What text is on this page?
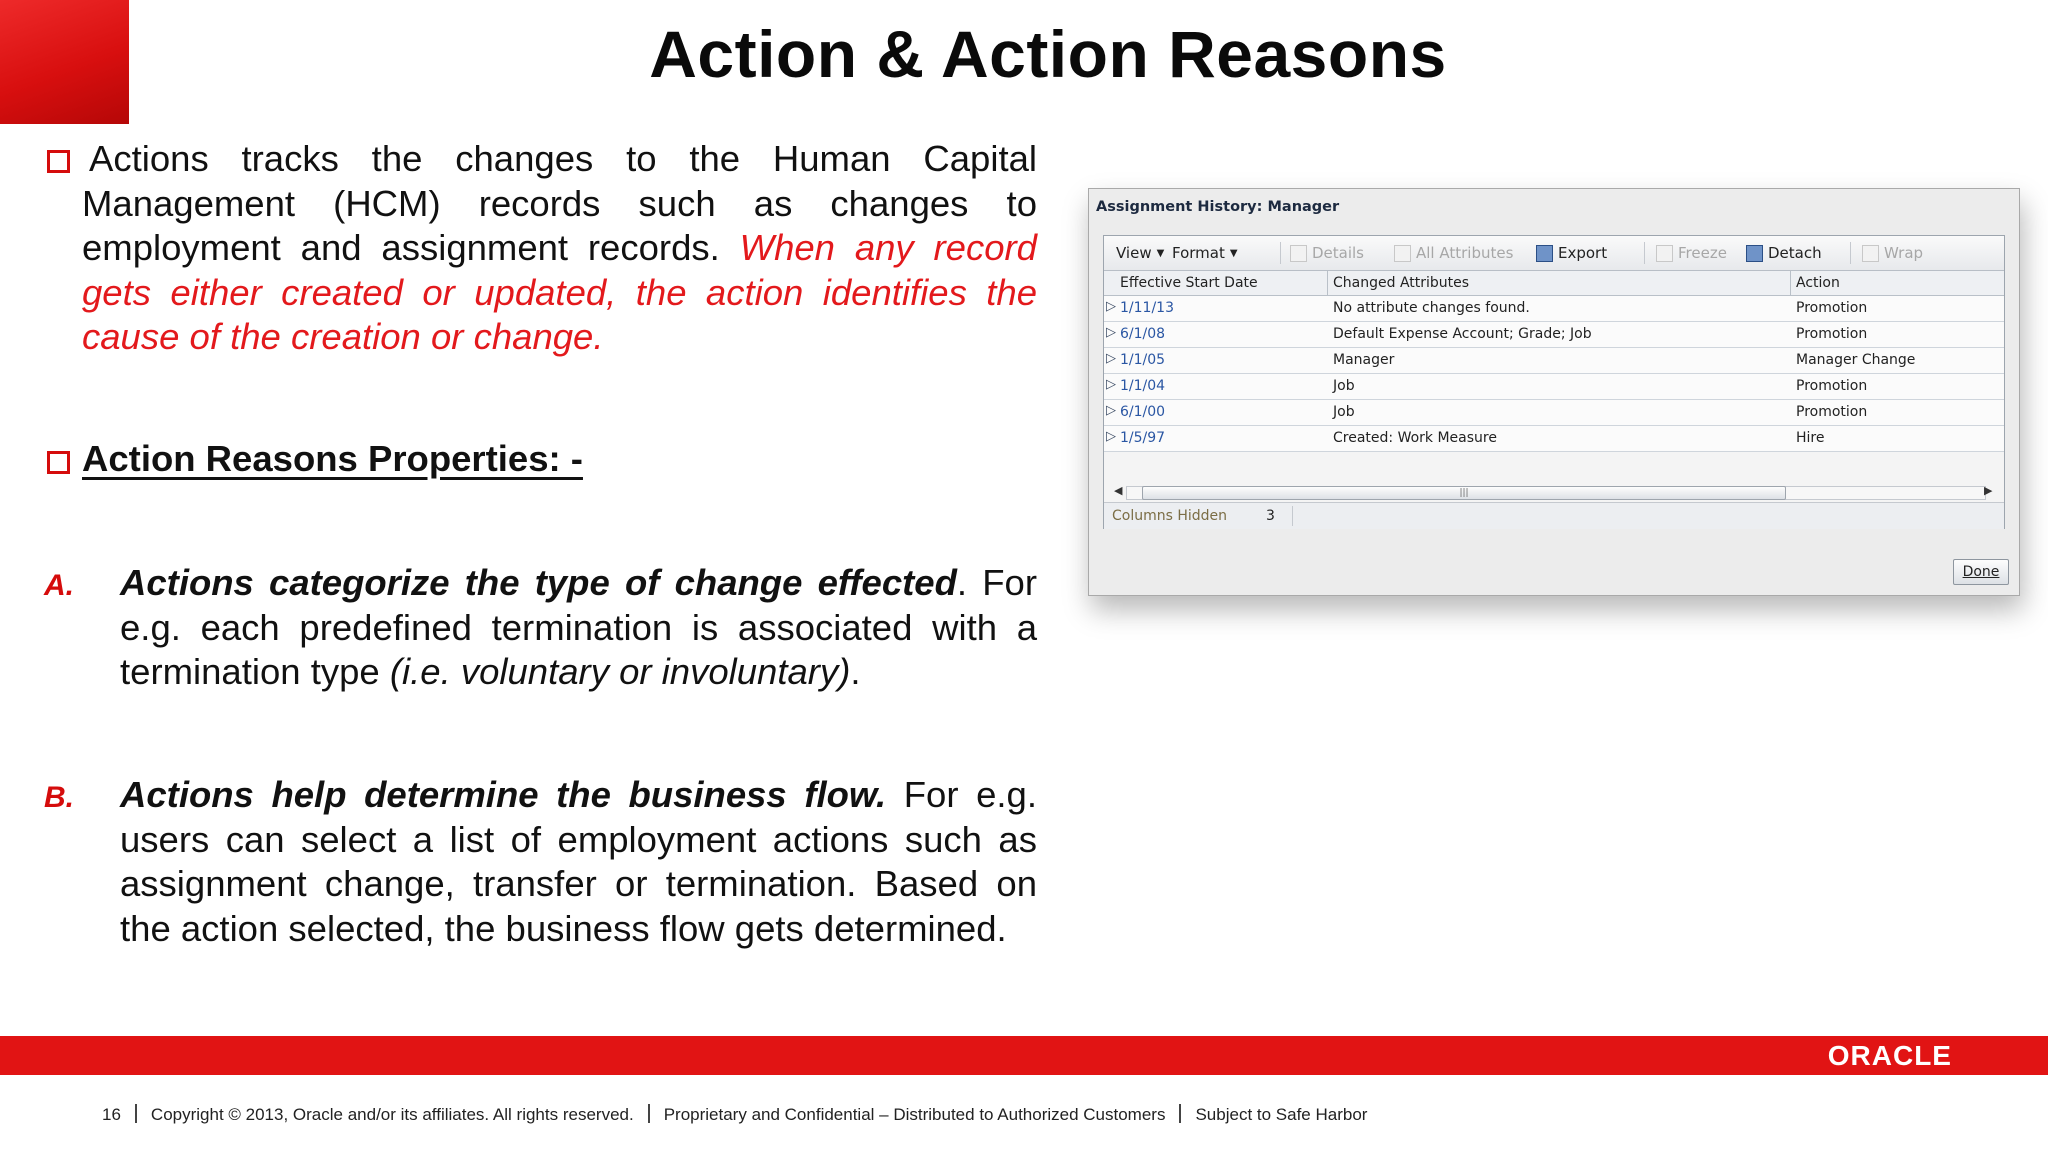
Action & Action Reasons
Actions tracks the changes to the Human Capital Management (HCM) records such as changes to employment and assignment records. When any record gets either created or updated, the action identifies the cause of the creation or change.
Action Reasons Properties: -
A. Actions categorize the type of change effected. For e.g. each predefined termination is associated with a termination type (i.e. voluntary or involuntary).
B. Actions help determine the business flow. For e.g. users can select a list of employment actions such as assignment change, transfer or termination. Based on the action selected, the business flow gets determined.
Assignment History: Manager
View ▼ Format ▼	Details	All Attributes	Export	Freeze	Detach	Wrap
Effective Start Date	Changed Attributes	Action
▷ 1/11/13	No attribute changes found.	Promotion
▷ 6/1/08	Default Expense Account; Grade; Job	Promotion
▷ 1/1/05	Manager	Manager Change
▷ 1/1/04	Job	Promotion
▷ 6/1/00	Job	Promotion
▷ 1/5/97	Created: Work Measure	Hire
◀	|||	▶
Columns Hidden	3
Done
ORACLE
16 Copyright © 2013, Oracle and/or its affiliates. All rights reserved. Proprietary and Confidential – Distributed to Authorized Customers Subject to Safe Harbor
